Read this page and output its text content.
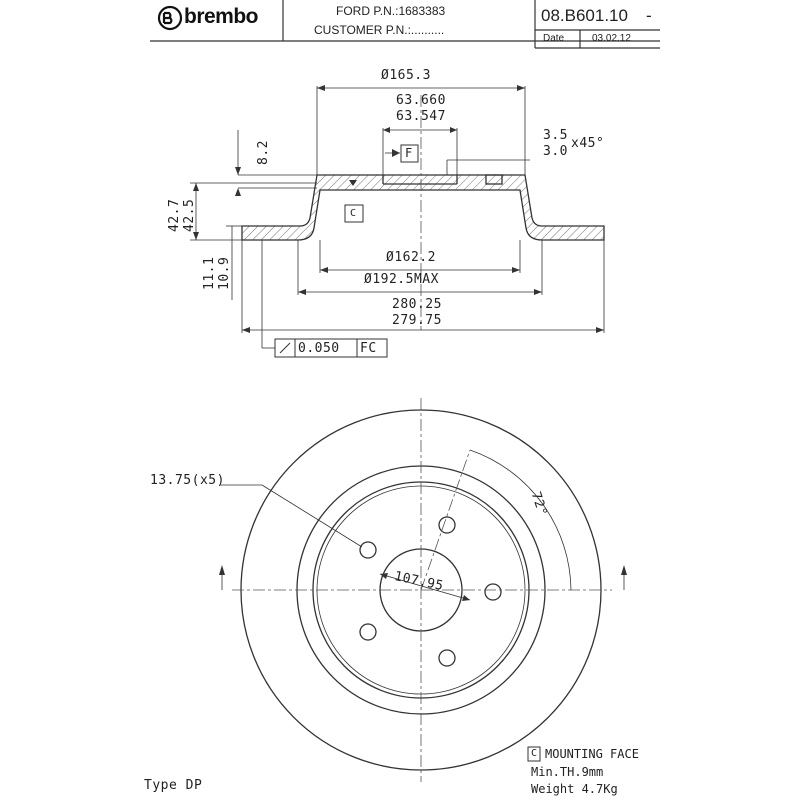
brembo	FORD P.N.:1683383
CUSTOMER P.N.:..........
08.B601.10 -
Date	03.02.12
Ø165.3
63.660
63.547
3.5
3.0
x45°
F
C
8.2
42.7 42.5
11.1 10.9	Ø162.2
Ø192.5MAX
280.25
279.75
0.050 FC
13.75(x5)
107.95
72°
Type DP
C MOUNTING FACE
Min.TH.9mm
Weight 4.7Kg
